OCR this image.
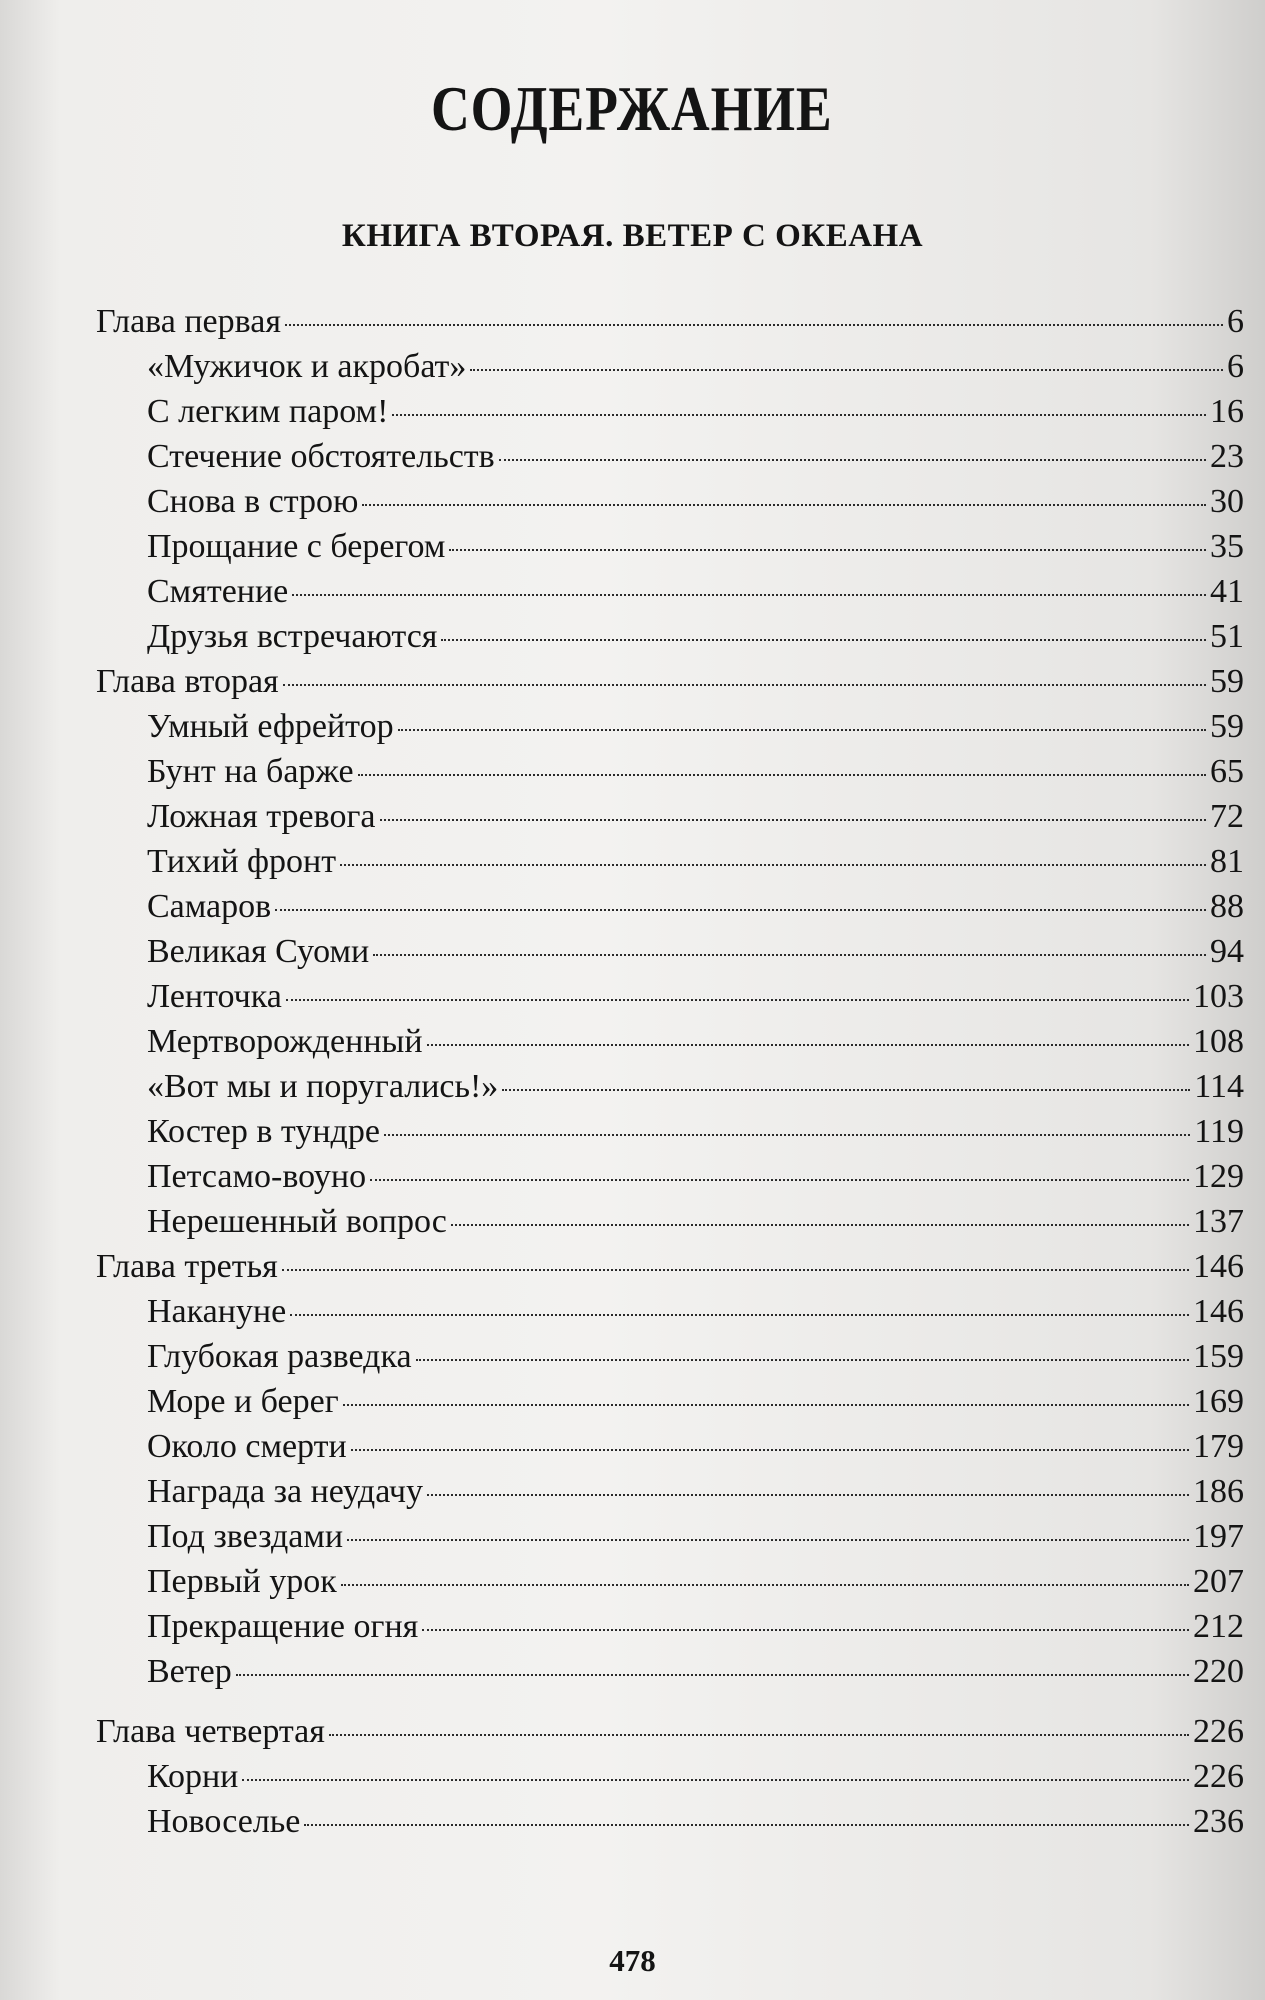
СОДЕРЖАНИЕ
КНИГА ВТОРАЯ. ВЕТЕР С ОКЕАНА
Глава первая	6
«Мужичок и акробат»	6
С легким паром!	16
Стечение обстоятельств	23
Снова в строю	30
Прощание с берегом	35
Смятение	41
Друзья встречаются	51
Глава вторая	59
Умный ефрейтор	59
Бунт на барже	65
Ложная тревога	72
Тихий фронт	81
Самаров	88
Великая Суоми	94
Ленточка	103
Мертворожденный	108
«Вот мы и поругались!»	114
Костер в тундре	119
Петсамо-воуно	129
Нерешенный вопрос	137
Глава третья	146
Накануне	146
Глубокая разведка	159
Море и берег	169
Около смерти	179
Награда за неудачу	186
Под звездами	197
Первый урок	207
Прекращение огня	212
Ветер	220
Глава четвертая	226
Корни	226
Новоселье	236
478
